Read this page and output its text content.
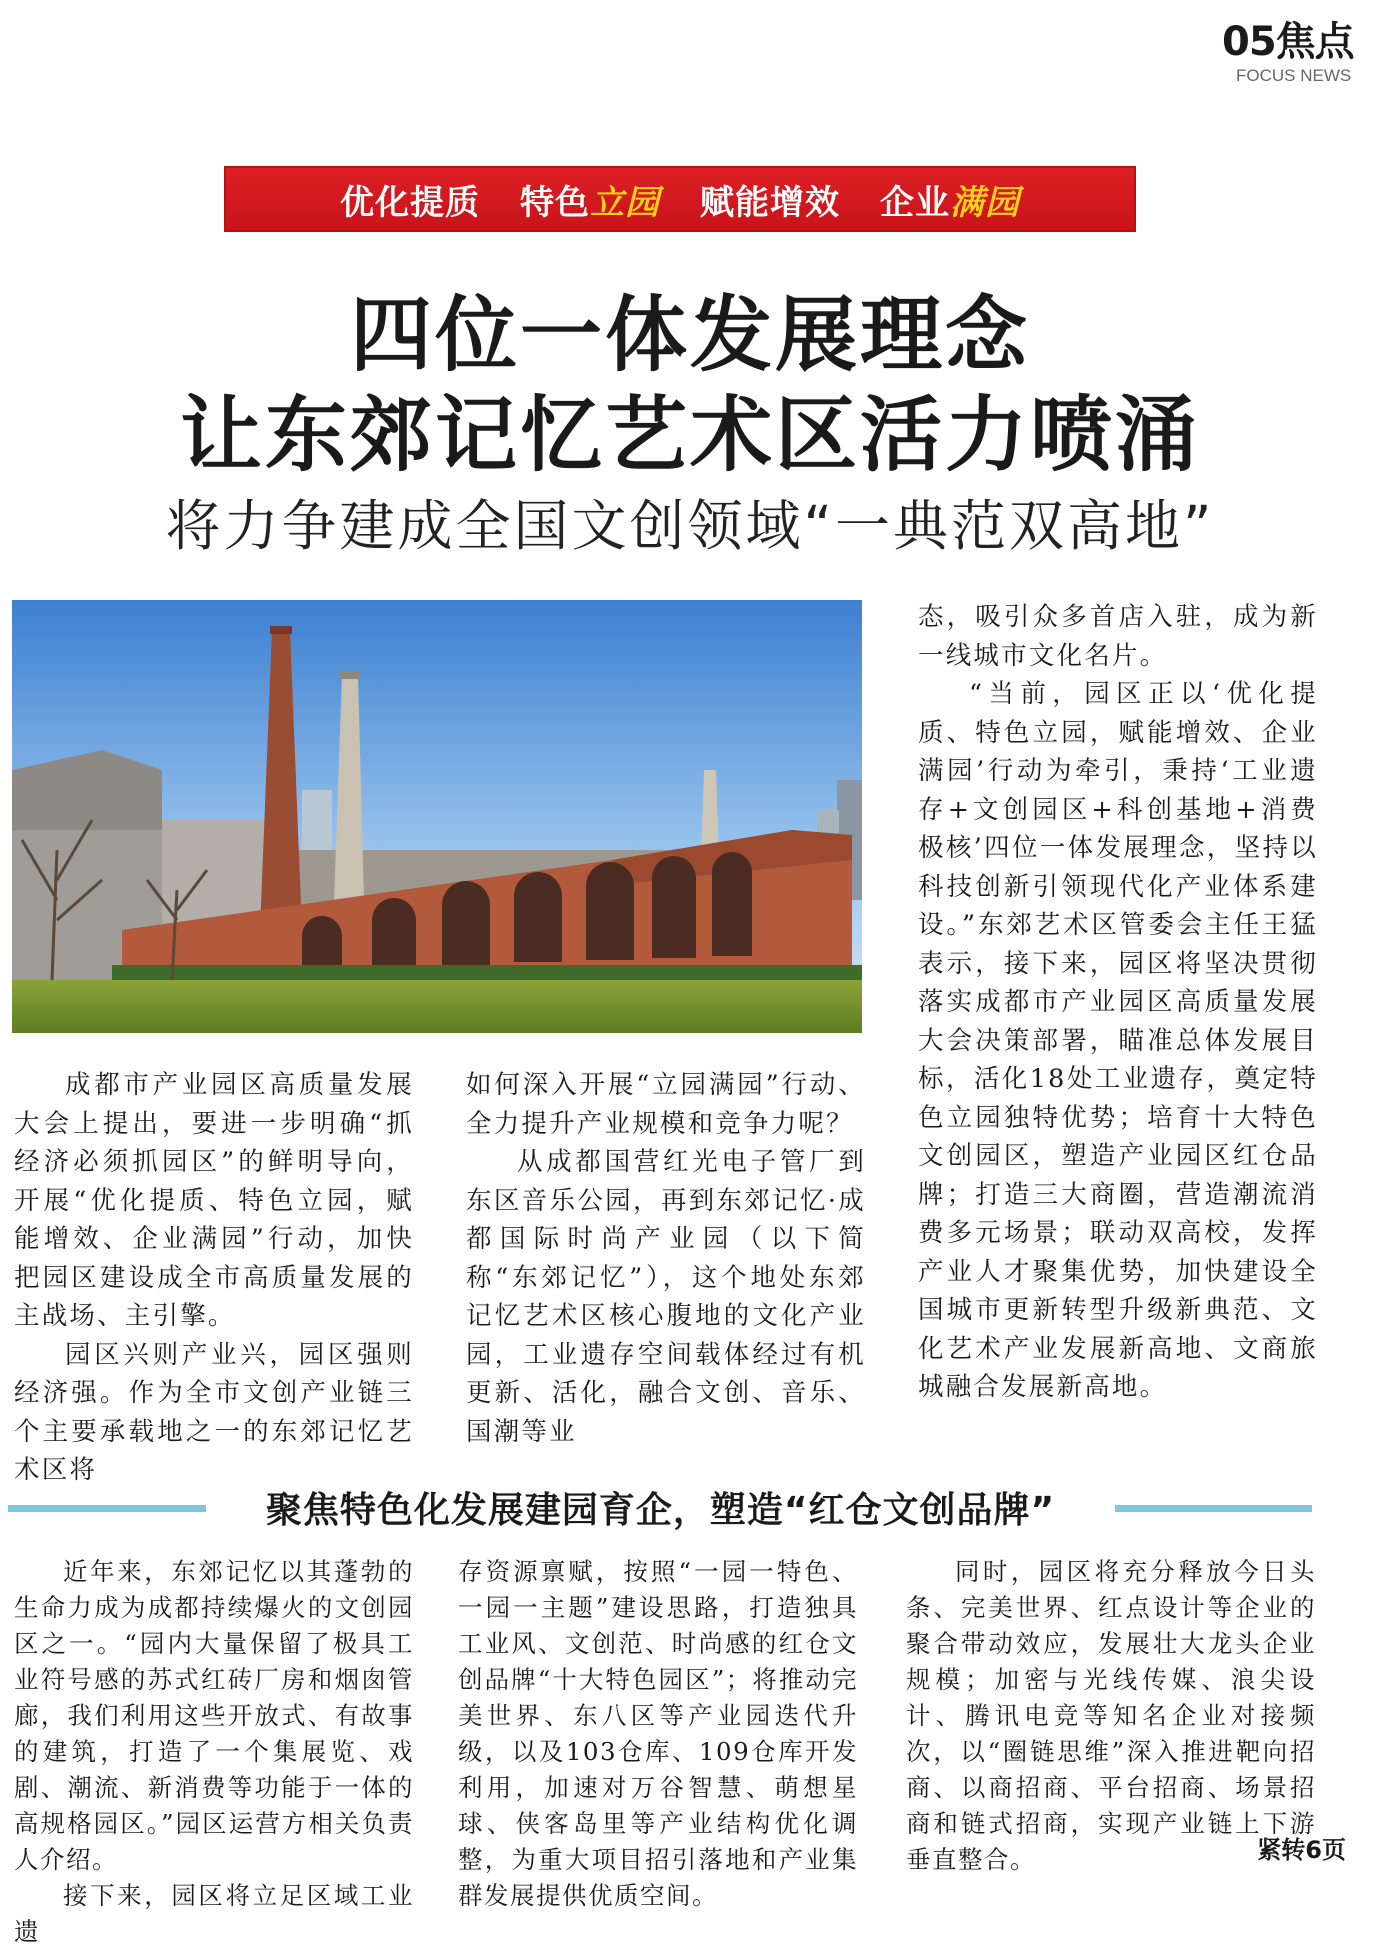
05焦点
FOCUS NEWS
优化提质 特色 立园 赋能增效 企业 满园
四位一体发展理念
让东郊记忆艺术区活力喷涌
将力争建成全国文创领域“一典范双高地”

成都市产业园区高质量发展大会上提出，要进一步明确“抓经济必须抓园区”的鲜明导向，开展“优化提质、特色立园，赋能增效、企业满园”行动，加快把园区建设成全市高质量发展的主战场、主引擎。

园区兴则产业兴，园区强则经济强。作为全市文创产业链三个主要承载地之一的东郊记忆艺术区将

如何深入开展“立园满园”行动、全力提升产业规模和竞争力呢？

从成都国营红光电子管厂到东区音乐公园，再到东郊记忆·成都国际时尚产业园（以下简称“东郊记忆”），这个地处东郊记忆艺术区核心腹地的文化产业园，工业遗存空间载体经过有机更新、活化，融合文创、音乐、国潮等业

态，吸引众多首店入驻，成为新一线城市文化名片。

“当前，园区正以‘优化提质、特色立园，赋能增效、企业满园’行动为牵引，秉持‘工业遗存+文创园区+科创基地+消费极核’四位一体发展理念，坚持以科技创新引领现代化产业体系建设。”东郊艺术区管委会主任王猛表示，接下来，园区将坚决贯彻落实成都市产业园区高质量发展大会决策部署，瞄准总体发展目标，活化18处工业遗存，奠定特色立园独特优势；培育十大特色文创园区，塑造产业园区红仓品牌；打造三大商圈，营造潮流消费多元场景；联动双高校，发挥产业人才聚集优势，加快建设全国城市更新转型升级新典范、文化艺术产业发展新高地、文商旅城融合发展新高地。

聚焦特色化发展建园育企，塑造“红仓文创品牌”

近年来，东郊记忆以其蓬勃的生命力成为成都持续爆火的文创园区之一。“园内大量保留了极具工业符号感的苏式红砖厂房和烟囱管廊，我们利用这些开放式、有故事的建筑，打造了一个集展览、戏剧、潮流、新消费等功能于一体的高规格园区。”园区运营方相关负责人介绍。

接下来，园区将立足区域工业遗

存资源禀赋，按照“一园一特色、一园一主题”建设思路，打造独具工业风、文创范、时尚感的红仓文创品牌“十大特色园区”；将推动完美世界、东八区等产业园迭代升级，以及103仓库、109仓库开发利用，加速对万谷智慧、萌想星球、侠客岛里等产业结构优化调整，为重大项目招引落地和产业集群发展提供优质空间。

同时，园区将充分释放今日头条、完美世界、红点设计等企业的聚合带动效应，发展壮大龙头企业规模；加密与光线传媒、浪尖设计、腾讯电竞等知名企业对接频次，以“圈链思维”深入推进靶向招商、以商招商、平台招商、场景招商和链式招商，实现产业链上下游垂直整合。	紧转6页
